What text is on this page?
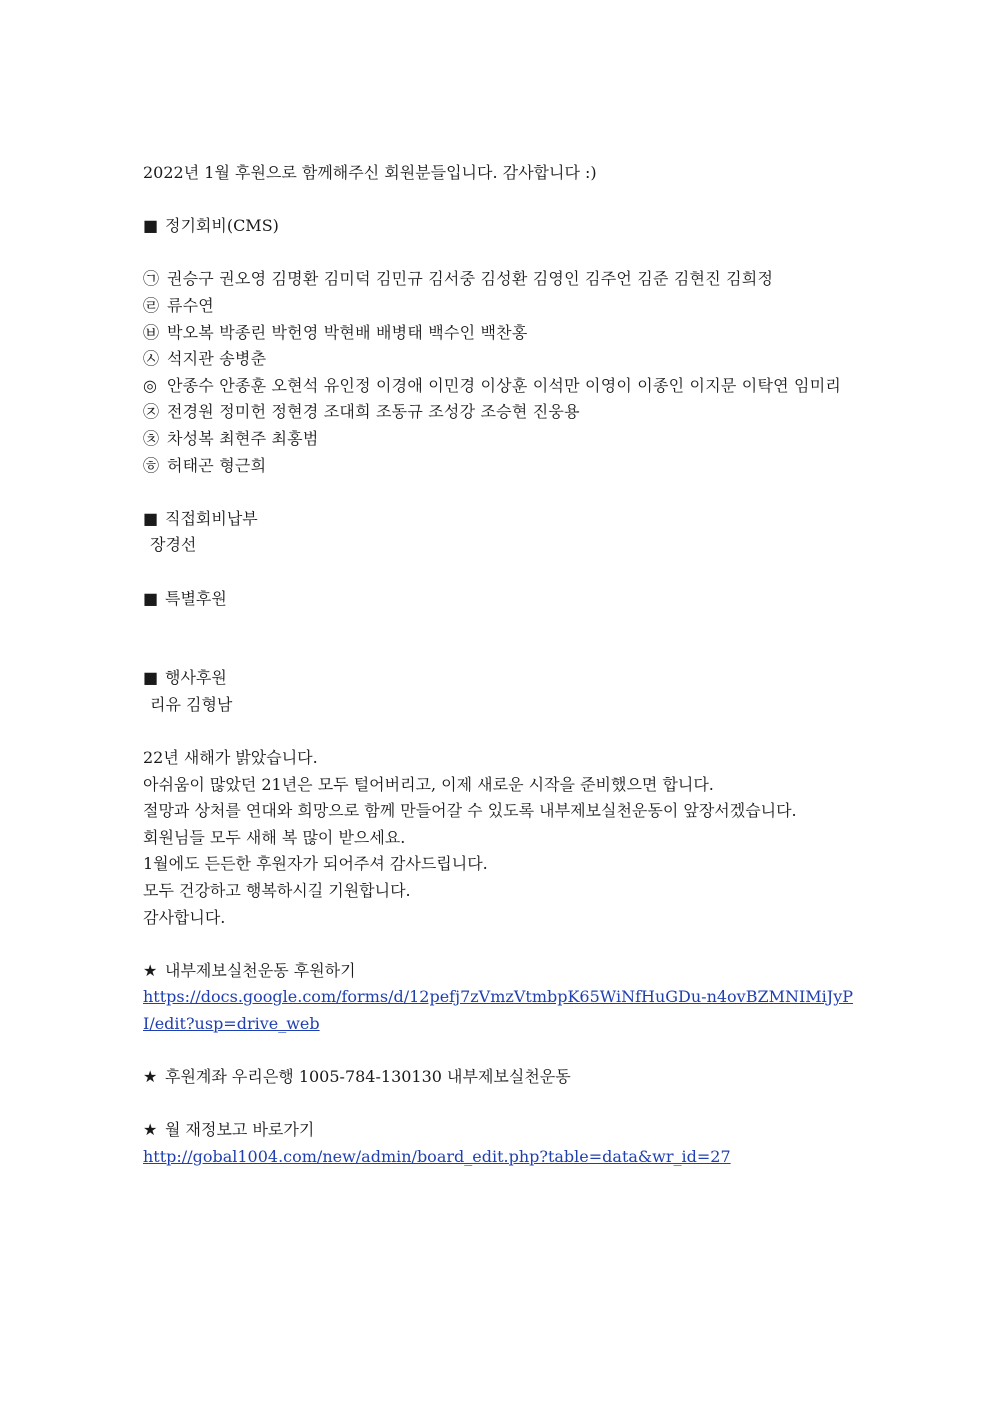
2022년 1월 후원으로 함께해주신 회원분들입니다. 감사합니다 :)
■ 정기회비(CMS)
㉠ 권승구 권오영 김명환 김미덕 김민규 김서중 김성환 김영인 김주언 김준 김현진 김희정
㉣ 류수연
㉥ 박오복 박종린 박헌영 박현배 배병태 백수인 백찬홍
㉦ 석지관 송병춘
◎ 안종수 안종훈 오현석 유인정 이경애 이민경 이상훈 이석만 이영이 이종인 이지문 이탁연 임미리
㉨ 전경원 정미헌 정현경 조대희 조동규 조성강 조승현 진웅용
㉩ 차성복 최현주 최홍범
㉭ 허태곤 형근희
■ 직접회비납부
장경선
■ 특별후원
■ 행사후원
리유 김형남
22년 새해가 밝았습니다.
아쉬움이 많았던 21년은 모두 털어버리고, 이제 새로운 시작을 준비했으면 합니다.
절망과 상처를 연대와 희망으로 함께 만들어갈 수 있도록 내부제보실천운동이 앞장서겠습니다.
회원님들 모두 새해 복 많이 받으세요.
1월에도 든든한 후원자가 되어주셔 감사드립니다.
모두 건강하고 행복하시길 기원합니다.
감사합니다.
★ 내부제보실천운동 후원하기
https://docs.google.com/forms/d/12pefj7zVmzVtmbpK65WiNfHuGDu-n4ovBZMNIMiJyPI/edit?usp=drive_web
★ 후원계좌 우리은행 1005-784-130130 내부제보실천운동
★ 월 재정보고 바로가기
http://gobal1004.com/new/admin/board_edit.php?table=data&wr_id=27
